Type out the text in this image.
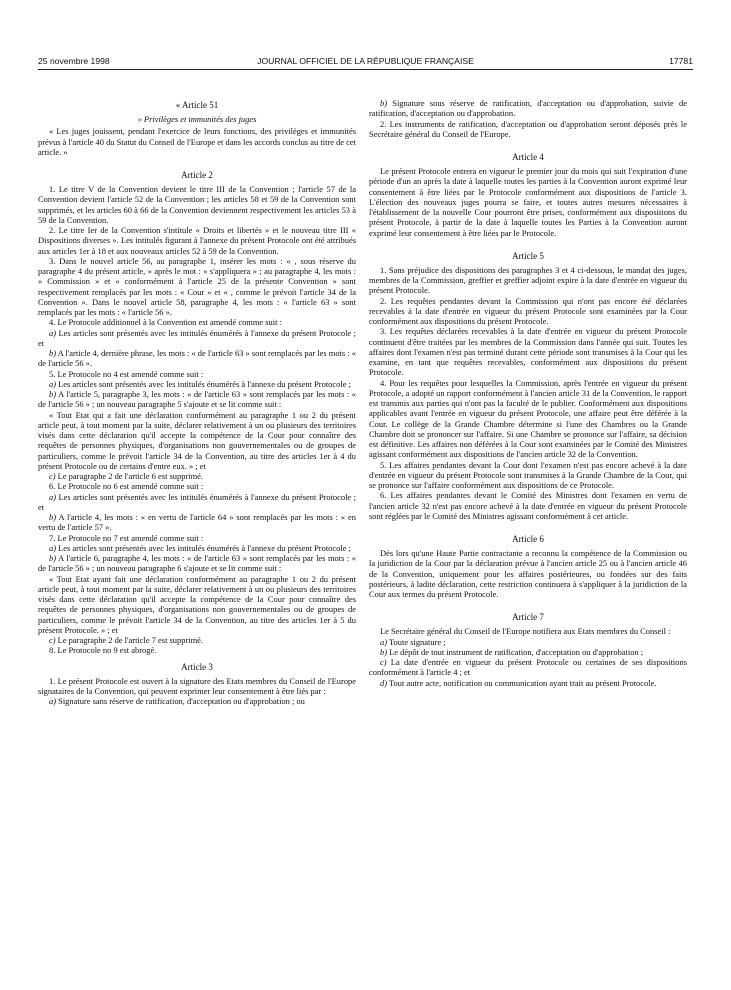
25 novembre 1998	JOURNAL OFFICIEL DE LA RÉPUBLIQUE FRANÇAISE	17781
« Article 51

« Privilèges et immunités des juges

« Les juges jouissent, pendant l'exercice de leurs fonctions, des privilèges et immunités prévus à l'article 40 du Statut du Conseil de l'Europe et dans les accords conclus au titre de cet article. »

Article 2

1. Le titre V de la Convention devient le titre III de la Convention ; l'article 57 de la Convention devient l'article 52 de la Convention ; les articles 58 et 59 de la Convention sont supprimés, et les articles 60 à 66 de la Convention deviennent respectivement les articles 53 à 59 de la Convention.

2. Le titre Ier de la Convention s'intitule « Droits et libertés » et le nouveau titre III « Dispositions diverses ». Les intitulés figurant à l'annexe du présent Protocole ont été attribués aux articles 1er à 18 et aux nouveaux articles 52 à 59 de la Convention.

3. Dans le nouvel article 56, au paragraphe 1, insérer les mots : « , sous réserve du paragraphe 4 du présent article, » après le mot : « s'appliquera » ; au paragraphe 4, les mots : « Commission » et « conformément à l'article 25 de la présente Convention » sont respectivement remplacés par les mots : « Cour » et « , comme le prévoit l'article 34 de la Convention ». Dans le nouvel article 58, paragraphe 4, les mots : « l'article 63 » sont remplacés par les mots : « l'article 56 ».

4. Le Protocole additionnel à la Convention est amendé comme suit :

a) Les articles sont présentés avec les intitulés énumérés à l'annexe du présent Protocole ; et

b) A l'article 4, dernière phrase, les mots : « de l'article 63 » sont remplacés par les mots : « de l'article 56 ».

5. Le Protocole no 4 est amendé comme suit :

a) Les articles sont présentés avec les intitulés énumérés à l'annexe du présent Protocole ;

b) A l'article 5, paragraphe 3, les mots : « de l'article 63 » sont remplacés par les mots : « de l'article 56 » ; un nouveau paragraphe 5 s'ajoute et se lit comme suit :

« Tout Etat qui a fait une déclaration conformément au paragraphe 1 ou 2 du présent article peut, à tout moment par la suite, déclarer relativement à un ou plusieurs des territoires visés dans cette déclaration qu'il accepte la compétence de la Cour pour connaître des requêtes de personnes physiques, d'organisations non gouvernementales ou de groupes de particuliers, comme le prévoit l'article 34 de la Convention, au titre des articles 1er à 4 du présent Protocole ou de certains d'entre eux. » ; et

c) Le paragraphe 2 de l'article 6 est supprimé.

6. Le Protocole no 6 est amendé comme suit :

a) Les articles sont présentés avec les intitulés énumérés à l'annexe du présent Protocole ; et

b) A l'article 4, les mots : « en vertu de l'article 64 » sont remplacés par les mots : « en vertu de l'article 57 ».

7. Le Protocole no 7 est amendé comme suit :

a) Les articles sont présentés avec les intitulés énumérés à l'annexe du présent Protocole ;

b) A l'article 6, paragraphe 4, les mots : « de l'article 63 » sont remplacés par les mots : « de l'article 56 » ; un nouveau paragraphe 6 s'ajoute et se lit comme suit :

« Tout Etat ayant fait une déclaration conformément au paragraphe 1 ou 2 du présent article peut, à tout moment par la suite, déclarer relativement à un ou plusieurs des territoires visés dans cette déclaration qu'il accepte la compétence de la Cour pour connaître des requêtes de personnes physiques, d'organisations non gouvernementales ou de groupes de particuliers, comme le prévoit l'article 34 de la Convention, au titre des articles 1er à 5 du présent Protocole. » ; et

c) Le paragraphe 2 de l'article 7 est supprimé.

8. Le Protocole no 9 est abrogé.

Article 3

1. Le présent Protocole est ouvert à la signature des Etats membres du Conseil de l'Europe signataires de la Convention, qui peuvent exprimer leur consentement à être liés par :

a) Signature sans réserve de ratification, d'acceptation ou d'approbation ; ou

b) Signature sous réserve de ratification, d'acceptation ou d'approbation, suivie de ratification, d'acceptation ou d'approbation.

2. Les instruments de ratification, d'acceptation ou d'approbation seront déposés près le Secrétaire général du Conseil de l'Europe.

Article 4

Le présent Protocole entrera en vigueur le premier jour du mois qui suit l'expiration d'une période d'un an après la date à laquelle toutes les parties à la Convention auront exprimé leur consentement à être liées par le Protocole conformément aux dispositions de l'article 3. L'élection des nouveaux juges pourra se faire, et toutes autres mesures nécessaires à l'établissement de la nouvelle Cour pourront être prises, conformément aux dispositions du présent Protocole, à partir de la date à laquelle toutes les Parties à la Convention auront exprimé leur consentement à être liées par le Protocole.

Article 5

1. Sans préjudice des dispositions des paragraphes 3 et 4 ci-dessous, le mandat des juges, membres de la Commission, greffier et greffier adjoint expire à la date d'entrée en vigueur du présent Protocole.

2. Les requêtes pendantes devant la Commission qui n'ont pas encore été déclarées recevables à la date d'entrée en vigueur du présent Protocole sont examinées par la Cour conformément aux dispositions du présent Protocole.

3. Les requêtes déclarées recevables à la date d'entrée en vigueur du présent Protocole continuent d'être traitées par les membres de la Commission dans l'année qui suit. Toutes les affaires dont l'examen n'est pas terminé durant cette période sont transmises à la Cour qui les examine, en tant que requêtes recevables, conformément aux dispositions du présent Protocole.

4. Pour les requêtes pour lesquelles la Commission, après l'entrée en vigueur du présent Protocole, a adopté un rapport conformément à l'ancien article 31 de la Convention, le rapport est transmis aux parties qui n'ont pas la faculté de le publier. Conformément aux dispositions applicables avant l'entrée en vigueur du présent Protocole, une affaire peut être déférée à la Cour. Le collège de la Grande Chambre détermine si l'une des Chambres ou la Grande Chambre doit se prononcer sur l'affaire. Si une Chambre se prononce sur l'affaire, sa décision est définitive. Les affaires non déférées à la Cour sont examinées par le Comité des Ministres agissant conformément aux dispositions de l'ancien article 32 de la Convention.

5. Les affaires pendantes devant la Cour dont l'examen n'est pas encore achevé à la date d'entrée en vigueur du présent Protocole sont transmises à la Grande Chambre de la Cour, qui se prononce sur l'affaire conformément aux dispositions de ce Protocole.

6. Les affaires pendantes devant le Comité des Ministres dont l'examen en vertu de l'ancien article 32 n'est pas encore achevé à la date d'entrée en vigueur du présent Protocole sont réglées par le Comité des Ministres agissant conformément à cet article.

Article 6

Dès lors qu'une Haute Partie contractante a reconnu la compétence de la Commission ou la juridiction de la Cour par la déclaration prévue à l'ancien article 25 ou à l'ancien article 46 de la Convention, uniquement pour les affaires postérieures, ou fondées sur des faits postérieurs, à ladite déclaration, cette restriction continuera à s'appliquer à la juridiction de la Cour aux termes du présent Protocole.

Article 7

Le Secrétaire général du Conseil de l'Europe notifiera aux Etats membres du Conseil :

a) Toute signature ;

b) Le dépôt de tout instrument de ratification, d'acceptation ou d'approbation ;

c) La date d'entrée en vigueur du présent Protocole ou certaines de ses dispositions conformément à l'article 4 ; et

d) Tout autre acte, notification ou communication ayant trait au présent Protocole.
